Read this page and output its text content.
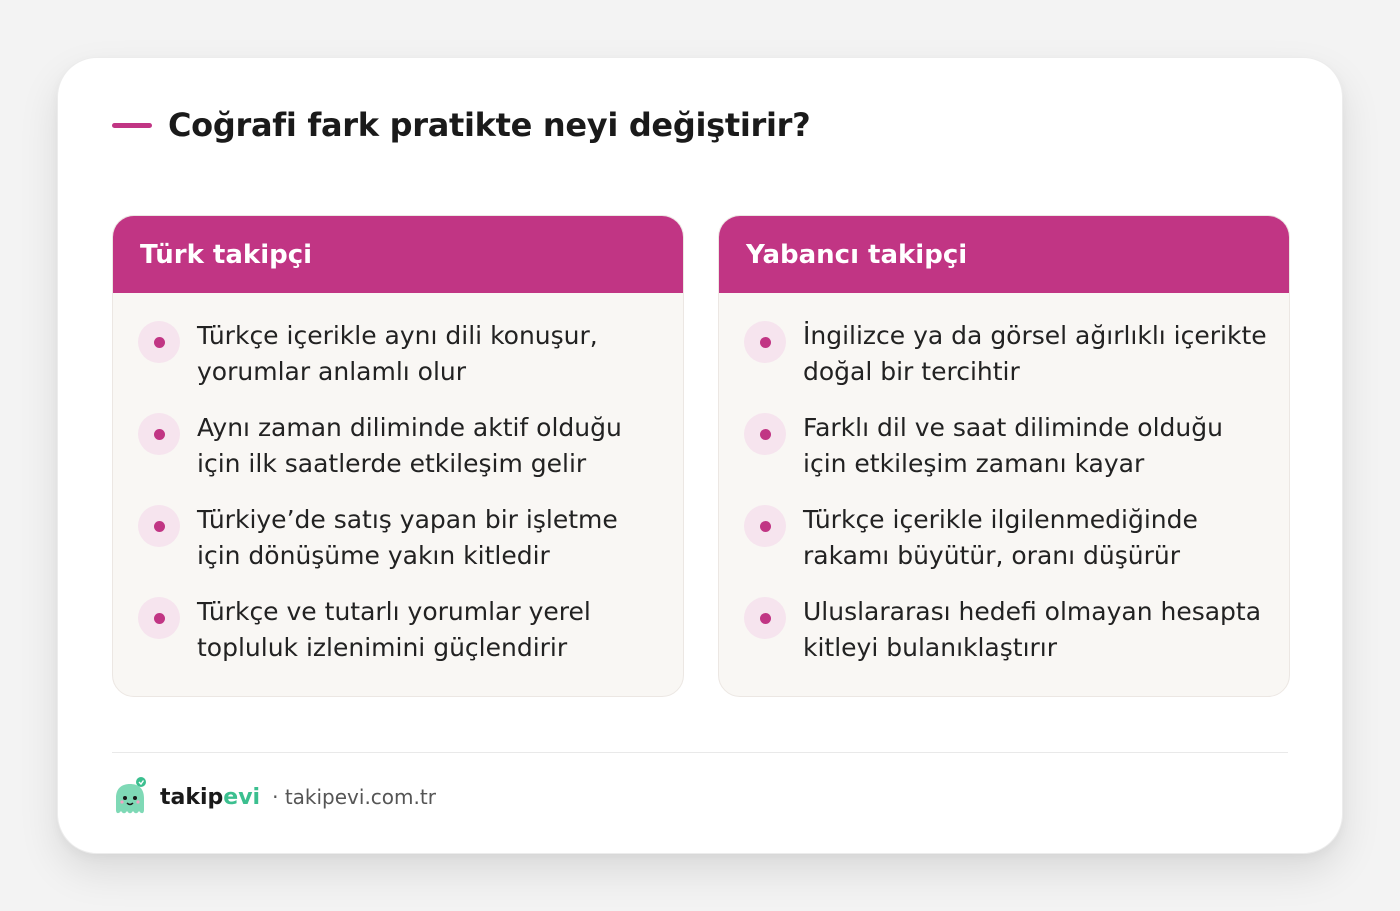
Coğrafi fark pratikte neyi değiştirir?
Türk takipçi
Türkçe içerikle aynı dili konuşur, yorumlar anlamlı olur
Aynı zaman diliminde aktif olduğu için ilk saatlerde etkileşim gelir
Türkiye’de satış yapan bir işletme için dönüşüme yakın kitledir
Türkçe ve tutarlı yorumlar yerel topluluk izlenimini güçlendirir
Yabancı takipçi
İngilizce ya da görsel ağırlıklı içerikte doğal bir tercihtir
Farklı dil ve saat diliminde olduğu için etkileşim zamanı kayar
Türkçe içerikle ilgilenmediğinde rakamı büyütür, oranı düşürür
Uluslararası hedefi olmayan hesapta kitleyi bulanıklaştırır
takipevi · takipevi.com.tr
